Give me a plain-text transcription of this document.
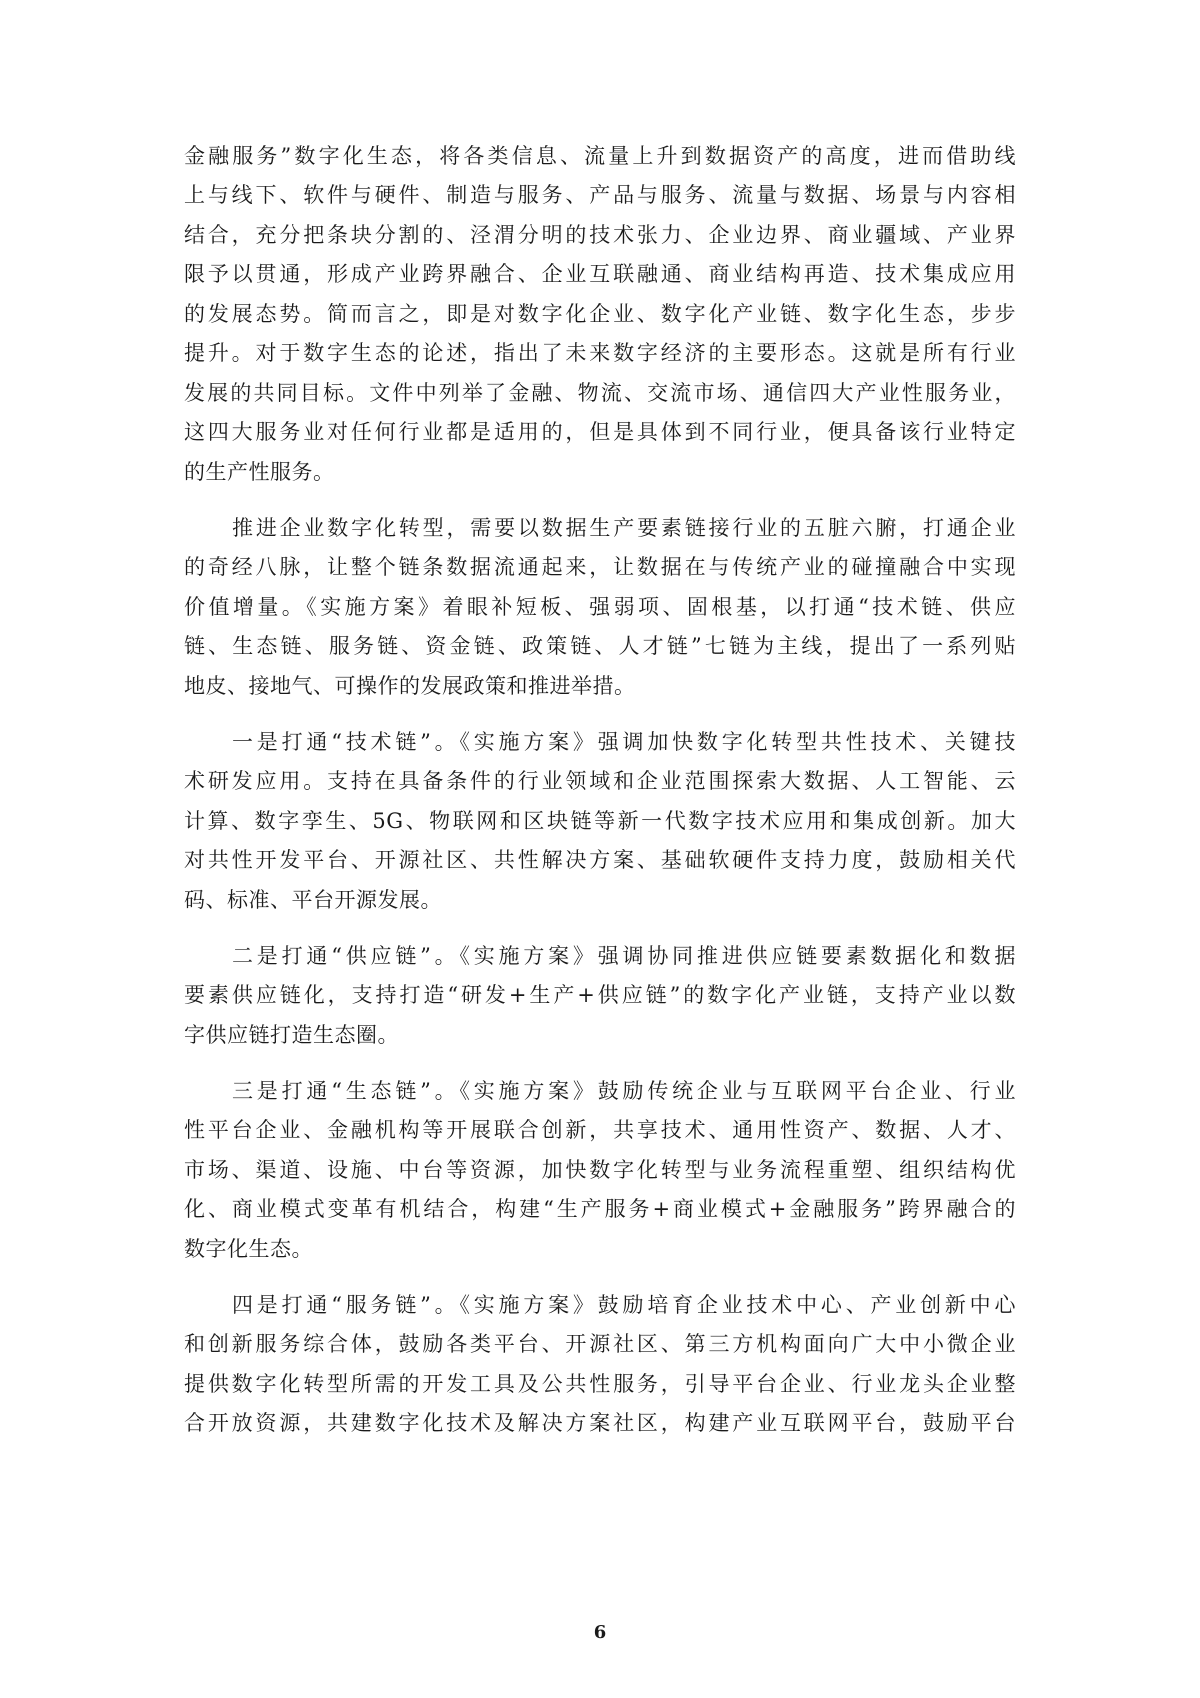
金融服务”数字化生态，将各类信息、流量上升到数据资产的高度，进而借助线
上与线下、软件与硬件、制造与服务、产品与服务、流量与数据、场景与内容相
结合，充分把条块分割的、泾渭分明的技术张力、企业边界、商业疆域、产业界
限予以贯通，形成产业跨界融合、企业互联融通、商业结构再造、技术集成应用
的发展态势。简而言之，即是对数字化企业、数字化产业链、数字化生态，步步
提升。对于数字生态的论述，指出了未来数字经济的主要形态。这就是所有行业
发展的共同目标。文件中列举了金融、物流、交流市场、通信四大产业性服务业，
这四大服务业对任何行业都是适用的，但是具体到不同行业，便具备该行业特定
的生产性服务。
推进企业数字化转型，需要以数据生产要素链接行业的五脏六腑，打通企业
的奇经八脉，让整个链条数据流通起来，让数据在与传统产业的碰撞融合中实现
价值增量。《实施方案》着眼补短板、强弱项、固根基，以打通“技术链、供应
链、生态链、服务链、资金链、政策链、人才链”七链为主线，提出了一系列贴
地皮、接地气、可操作的发展政策和推进举措。
一是打通“技术链”。《实施方案》强调加快数字化转型共性技术、关键技
术研发应用。支持在具备条件的行业领域和企业范围探索大数据、人工智能、云
计算、数字孪生、5G、物联网和区块链等新一代数字技术应用和集成创新。加大
对共性开发平台、开源社区、共性解决方案、基础软硬件支持力度，鼓励相关代
码、标准、平台开源发展。
二是打通“供应链”。《实施方案》强调协同推进供应链要素数据化和数据
要素供应链化，支持打造“研发+生产+供应链”的数字化产业链，支持产业以数
字供应链打造生态圈。
三是打通“生态链”。《实施方案》鼓励传统企业与互联网平台企业、行业
性平台企业、金融机构等开展联合创新，共享技术、通用性资产、数据、人才、
市场、渠道、设施、中台等资源，加快数字化转型与业务流程重塑、组织结构优
化、商业模式变革有机结合，构建“生产服务+商业模式+金融服务”跨界融合的
数字化生态。
四是打通“服务链”。《实施方案》鼓励培育企业技术中心、产业创新中心
和创新服务综合体，鼓励各类平台、开源社区、第三方机构面向广大中小微企业
提供数字化转型所需的开发工具及公共性服务，引导平台企业、行业龙头企业整
合开放资源，共建数字化技术及解决方案社区，构建产业互联网平台，鼓励平台
6
